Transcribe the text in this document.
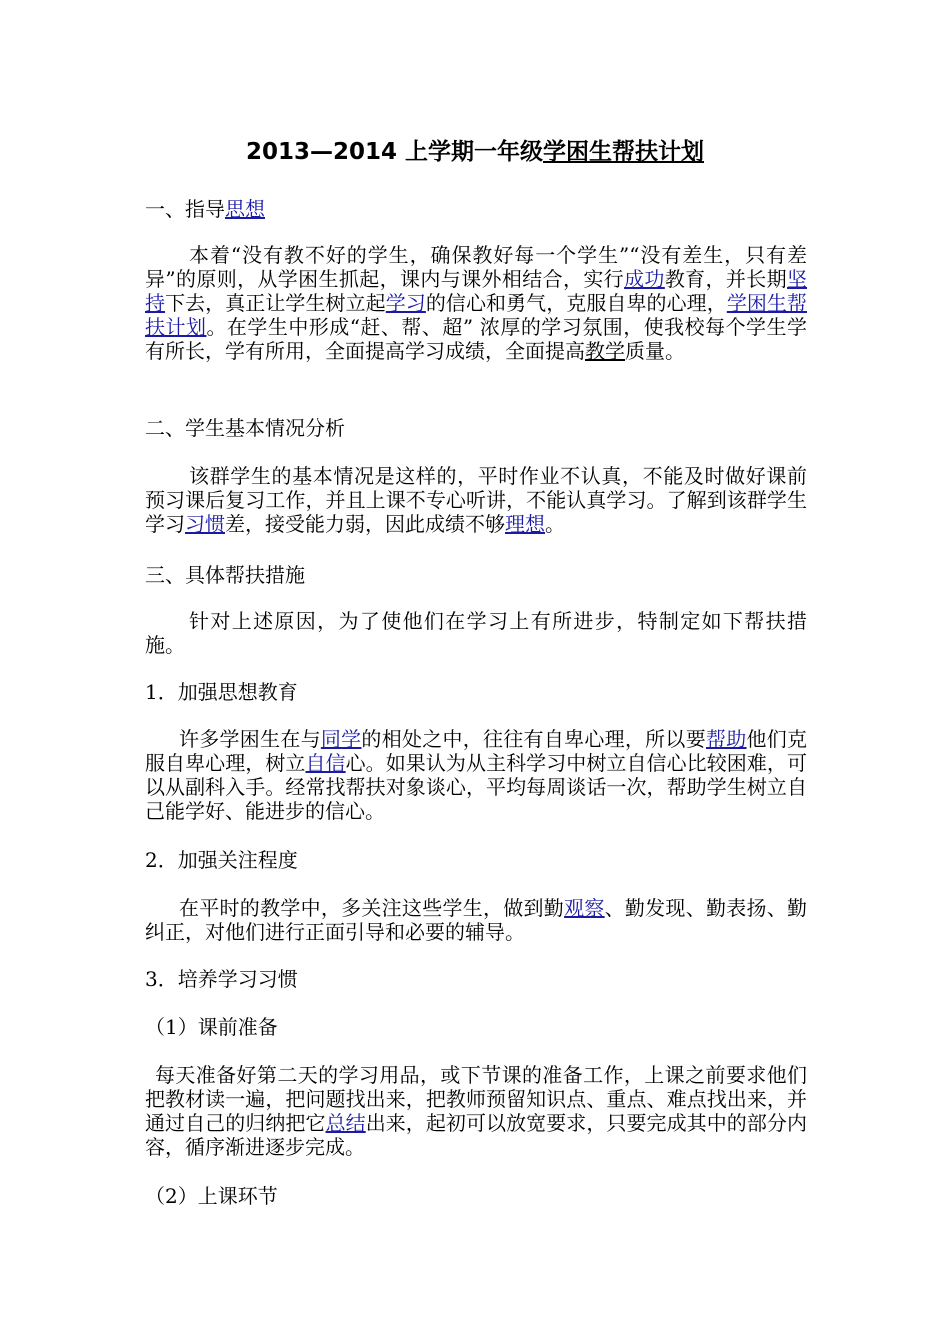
2013—2014 上学期一年级学困生帮扶计划

一、指导思想

本着“没有教不好的学生，确保教好每一个学生”“没有差生，只有差异”的原则，从学困生抓起，课内与课外相结合，实行成功教育，并长期坚持下去，真正让学生树立起学习的信心和勇气，克服自卑的心理，学困生帮扶计划。在学生中形成“赶、帮、超” 浓厚的学习氛围，使我校每个学生学有所长，学有所用，全面提高学习成绩，全面提高教学质量。

二、学生基本情况分析

该群学生的基本情况是这样的，平时作业不认真，不能及时做好课前预习课后复习工作，并且上课不专心听讲，不能认真学习。了解到该群学生学习习惯差，接受能力弱，因此成绩不够理想。

三、具体帮扶措施

针对上述原因，为了使他们在学习上有所进步，特制定如下帮扶措施。

1．加强思想教育

许多学困生在与同学的相处之中，往往有自卑心理，所以要帮助他们克服自卑心理，树立自信心。如果认为从主科学习中树立自信心比较困难，可以从副科入手。经常找帮扶对象谈心，平均每周谈话一次，帮助学生树立自己能学好、能进步的信心。

2．加强关注程度

在平时的教学中，多关注这些学生，做到勤观察、勤发现、勤表扬、勤纠正，对他们进行正面引导和必要的辅导。

3．培养学习习惯

（1）课前准备

每天准备好第二天的学习用品，或下节课的准备工作，上课之前要求他们把教材读一遍，把问题找出来，把教师预留知识点、重点、难点找出来，并通过自己的归纳把它总结出来，起初可以放宽要求，只要完成其中的部分内容，循序渐进逐步完成。

（2）上课环节
